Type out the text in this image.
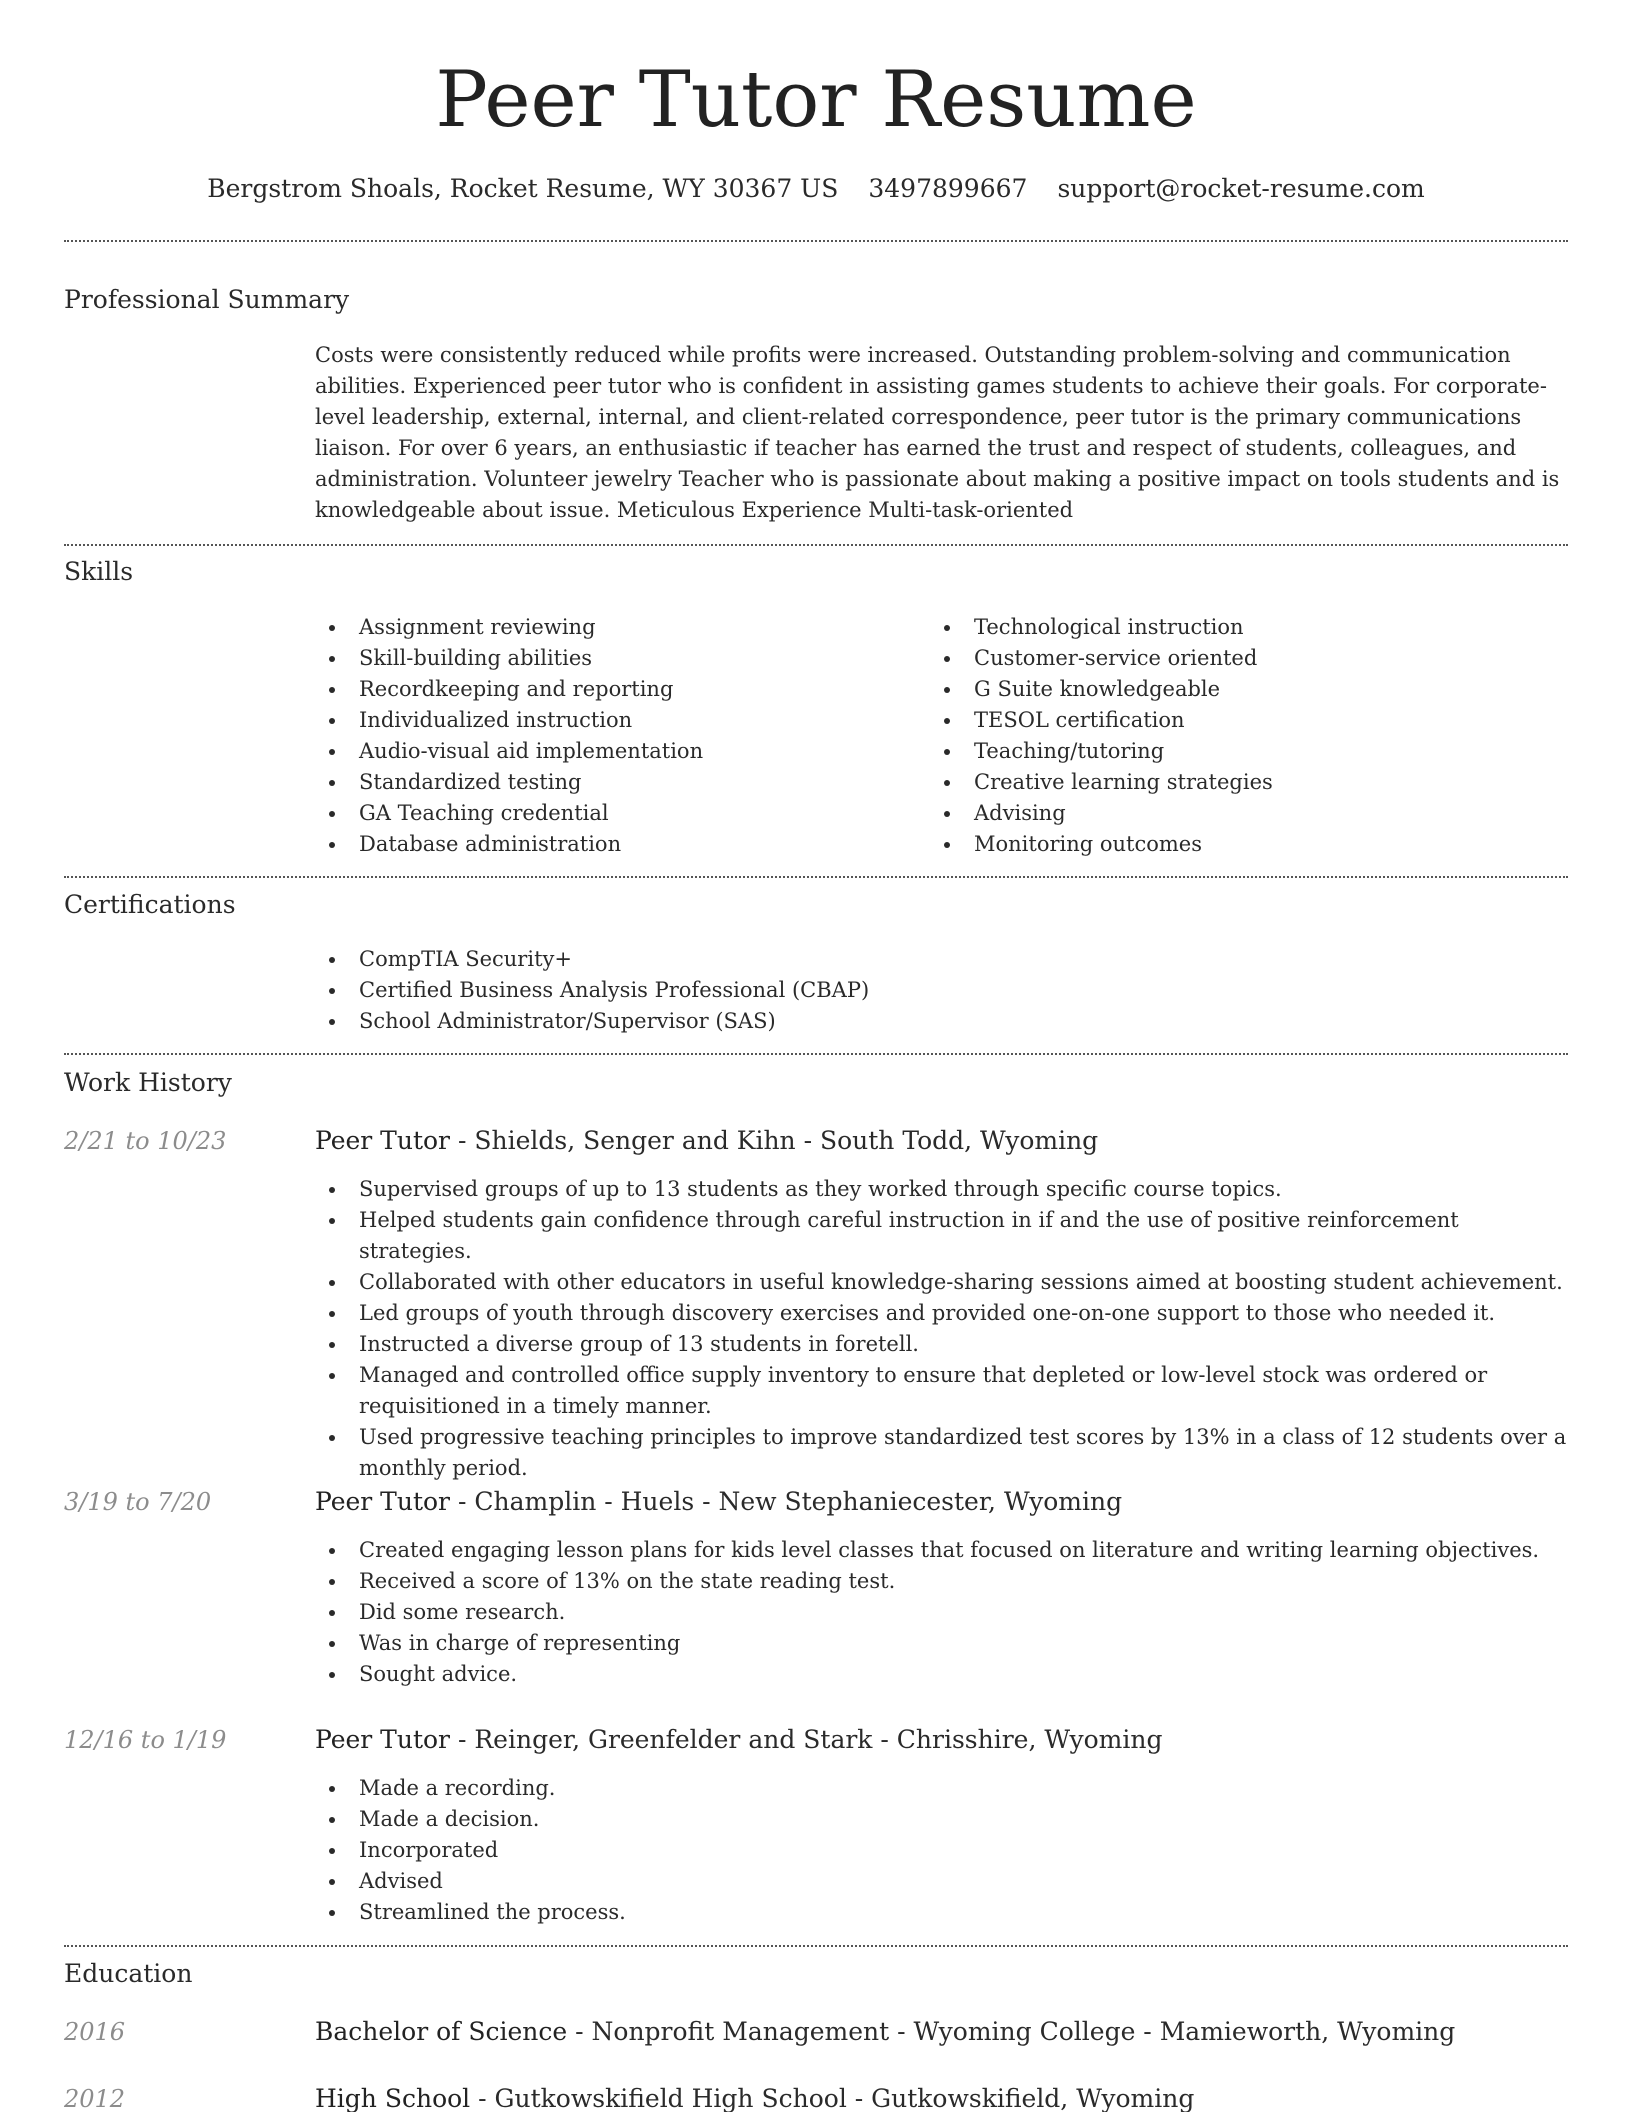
Peer Tutor Resume
Bergstrom Shoals, Rocket Resume, WY 30367 US 3497899667 support@rocket-resume.com
Professional Summary

Costs were consistently reduced while profits were increased. Outstanding problem-solving and communication abilities. Experienced peer tutor who is confident in assisting games students to achieve their goals. For corporate-level leadership, external, internal, and client-related correspondence, peer tutor is the primary communications liaison. For over 6 years, an enthusiastic if teacher has earned the trust and respect of students, colleagues, and administration. Volunteer jewelry Teacher who is passionate about making a positive impact on tools students and is knowledgeable about issue. Meticulous Experience Multi-task-oriented

Skills
Assignment reviewing
Skill-building abilities
Recordkeeping and reporting
Individualized instruction
Audio-visual aid implementation
Standardized testing
GA Teaching credential
Database administration
Technological instruction
Customer-service oriented
G Suite knowledgeable
TESOL certification
Teaching/tutoring
Creative learning strategies
Advising
Monitoring outcomes
Certifications
CompTIA Security+
Certified Business Analysis Professional (CBAP)
School Administrator/Supervisor (SAS)
Work History
2/21 to 10/23	Peer Tutor - Shields, Senger and Kihn - South Todd, Wyoming
Supervised groups of up to 13 students as they worked through specific course topics.
Helped students gain confidence through careful instruction in if and the use of positive reinforcement strategies.
Collaborated with other educators in useful knowledge-sharing sessions aimed at boosting student achievement.
Led groups of youth through discovery exercises and provided one-on-one support to those who needed it.
Instructed a diverse group of 13 students in foretell.
Managed and controlled office supply inventory to ensure that depleted or low-level stock was ordered or requisitioned in a timely manner.
Used progressive teaching principles to improve standardized test scores by 13% in a class of 12 students over a monthly period.
3/19 to 7/20	Peer Tutor - Champlin - Huels - New Stephaniecester, Wyoming
Created engaging lesson plans for kids level classes that focused on literature and writing learning objectives.
Received a score of 13% on the state reading test.
Did some research.
Was in charge of representing
Sought advice.
12/16 to 1/19	Peer Tutor - Reinger, Greenfelder and Stark - Chrisshire, Wyoming
Made a recording.
Made a decision.
Incorporated
Advised
Streamlined the process.
Education
2016	Bachelor of Science - Nonprofit Management - Wyoming College - Mamieworth, Wyoming
2012	High School - Gutkowskifield High School - Gutkowskifield, Wyoming
